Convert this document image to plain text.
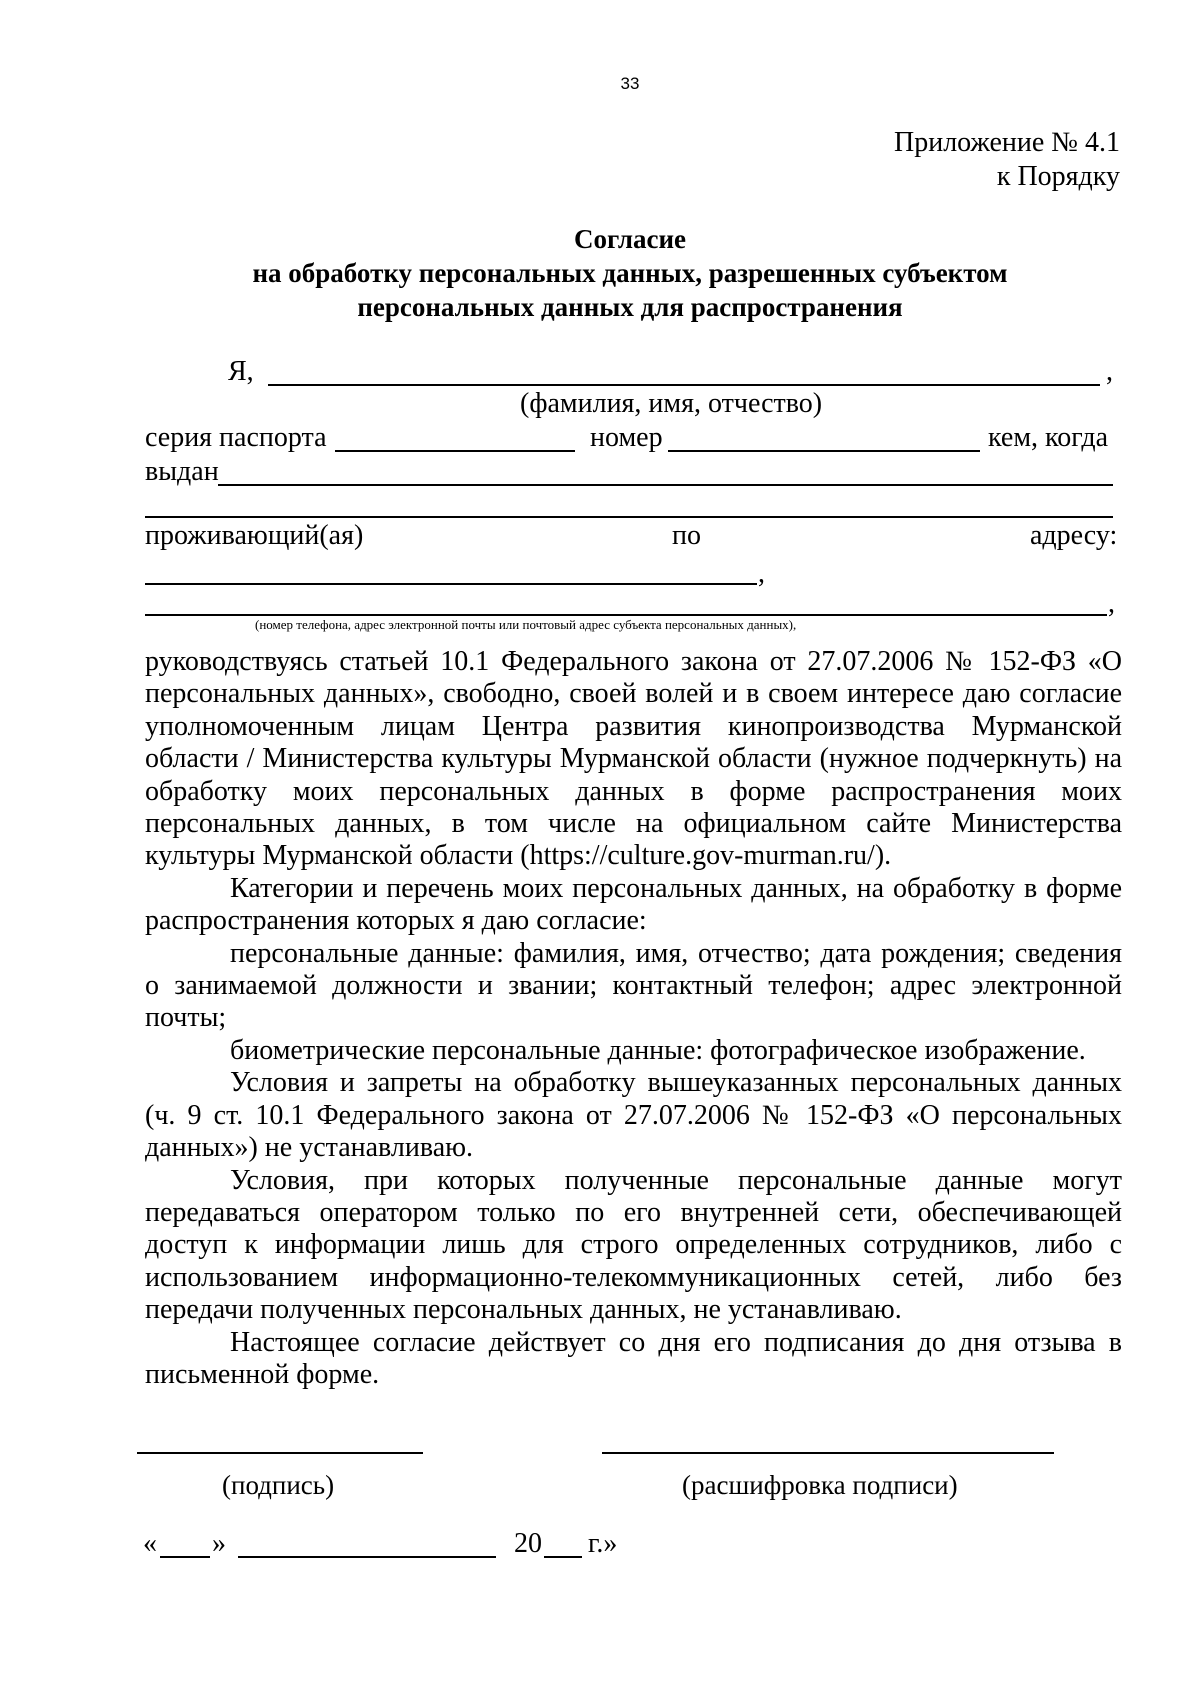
33
Приложение № 4.1
к Порядку
Согласие
на обработку персональных данных, разрешенных субъектом
персональных данных для распространения
Я,	,
(фамилия, имя, отчество)
серия паспорта	номер	кем, когда
выдан
проживающий(ая)	по	адресу:
,
,
(номер телефона, адрес электронной почты или почтовый адрес субъекта персональных данных),

руководствуясь статьей 10.1 Федерального закона от 27.07.2006 № 152-ФЗ «О персональных данных», свободно, своей волей и в своем интересе даю согласие уполномоченным лицам Центра развития кинопроизводства Мурманской области / Министерства культуры Мурманской области (нужное подчеркнуть) на обработку моих персональных данных в форме распространения моих персональных данных, в том числе на официальном сайте Министерства культуры Мурманской области (https://culture.gov-murman.ru/).

Категории и перечень моих персональных данных, на обработку в форме распространения которых я даю согласие:

персональные данные: фамилия, имя, отчество; дата рождения; сведения о занимаемой должности и звании; контактный телефон; адрес электронной почты;

биометрические персональные данные: фотографическое изображение.

Условия и запреты на обработку вышеуказанных персональных данных (ч. 9 ст. 10.1 Федерального закона от 27.07.2006 № 152-ФЗ «О персональных данных») не устанавливаю.

Условия, при которых полученные персональные данные могут передаваться оператором только по его внутренней сети, обеспечивающей доступ к информации лишь для строго определенных сотрудников, либо с использованием информационно-телекоммуникационных сетей, либо без передачи полученных персональных данных, не устанавливаю.

Настоящее согласие действует со дня его подписания до дня отзыва в письменной форме.

(подпись)	(расшифровка подписи)
« »	20 г.»
